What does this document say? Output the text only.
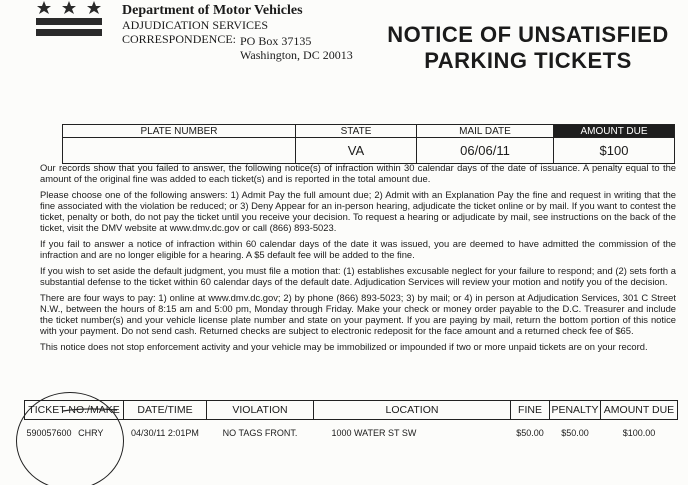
Department of Motor Vehicles
ADJUDICATION SERVICES
CORRESPONDENCE: PO Box 37135
Washington, DC 20013
NOTICE OF UNSATISFIED
PARKING TICKETS
PLATE NUMBER	STATE	MAIL DATE	AMOUNT DUE
	VA	06/06/11	$100

Our records show that you failed to answer, the following notice(s) of infraction within 30 calendar days of the date of issuance. A penalty equal to the amount of the original fine was added to each ticket(s) and is reported in the total amount due.

Please choose one of the following answers: 1) Admit Pay the full amount due; 2) Admit with an Explanation Pay the fine and request in writing that the fine associated with the violation be reduced; or 3) Deny Appear for an in-person hearing, adjudicate the ticket online or by mail. If you want to contest the ticket, penalty or both, do not pay the ticket until you receive your decision. To request a hearing or adjudicate by mail, see instructions on the back of the ticket, visit the DMV website at www.dmv.dc.gov or call (866) 893-5023.

If you fail to answer a notice of infraction within 60 calendar days of the date it was issued, you are deemed to have admitted the commission of the infraction and are no longer eligible for a hearing. A $5 default fee will be added to the fine.

If you wish to set aside the default judgment, you must file a motion that: (1) establishes excusable neglect for your failure to respond; and (2) sets forth a substantial defense to the ticket within 60 calendar days of the default date. Adjudication Services will review your motion and notify you of the decision.

There are four ways to pay: 1) online at www.dmv.dc.gov; 2) by phone (866) 893-5023; 3) by mail; or 4) in person at Adjudication Services, 301 C Street N.W., between the hours of 8:15 am and 5:00 pm, Monday through Friday. Make your check or money order payable to the D.C. Treasurer and include the ticket number(s) and your vehicle license plate number and state on your payment. If you are paying by mail, return the bottom portion of this notice with your payment. Do not send cash. Returned checks are subject to electronic redeposit for the face amount and a returned check fee of $65.

This notice does not stop enforcement activity and your vehicle may be immobilized or impounded if two or more unpaid tickets are on your record.

TICKET NO./MAKE	DATE/TIME	VIOLATION	LOCATION	FINE	PENALTY	AMOUNT DUE
590057600 CHRY	04/30/11 2:01PM	NO TAGS FRONT.	1000 WATER ST SW	$50.00	$50.00	$100.00
